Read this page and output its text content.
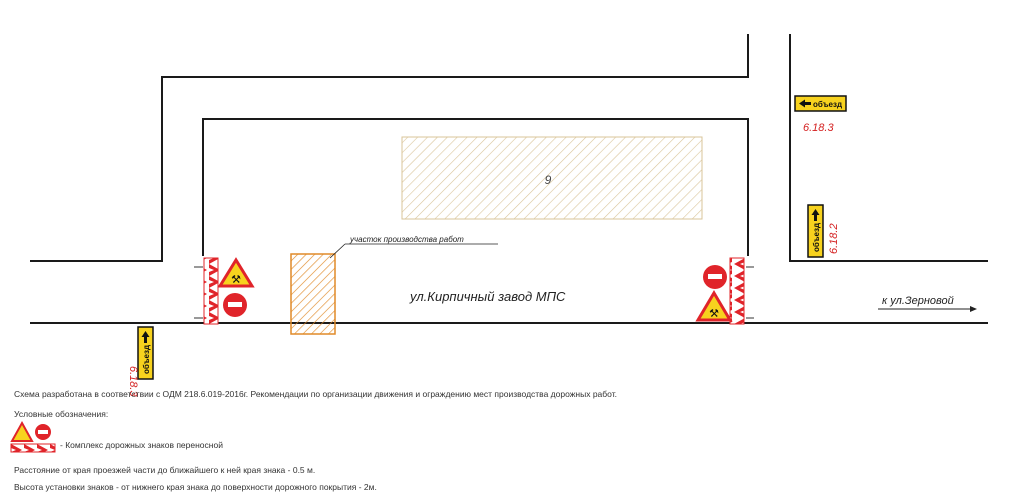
9
участок производства работ
ул.Кирпичный завод МПС	к ул.Зерновой
⚒
⚒
объезд
6.18.3
объезд 6.18.2
объезд
6.18.3
Схема разработана в соответствии с ОДМ 218.6.019-2016г. Рекомендации по организации движения и ограждению мест производства дорожных работ.
Условные обозначения:
- Комплекс дорожных знаков переносной
Расстояние от края проезжей части до ближайшего к ней края знака - 0.5 м.
Высота установки знаков - от нижнего края знака до поверхности дорожного покрытия - 2м.
